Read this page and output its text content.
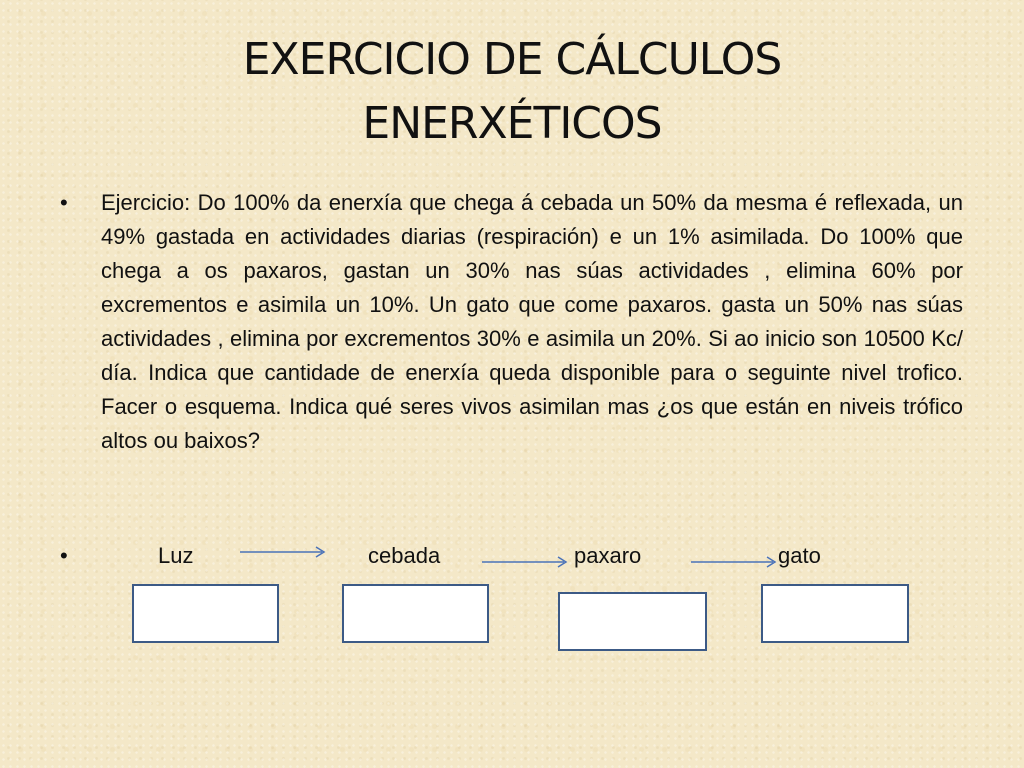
EXERCICIO DE CÁLCULOS
ENERXÉTICOS
• Ejercicio: Do 100% da enerxía que chega á cebada un 50% da mesma é reflexada, un 49% gastada en actividades diarias (respiración) e un 1% asimilada. Do 100% que chega a os paxaros, gastan un 30% nas súas actividades , elimina 60% por excrementos e asimila un 10%. Un gato que come paxaros. gasta un 50% nas súas actividades , elimina por excrementos 30% e asimila un 20%. Si ao inicio son 10500 Kc/ día. Indica que cantidade de enerxía queda disponible para o seguinte nivel trofico. Facer o esquema. Indica qué seres vivos asimilan mas ¿os que están en niveis trófico altos ou baixos?
•	Luz	cebada	paxaro	gato
